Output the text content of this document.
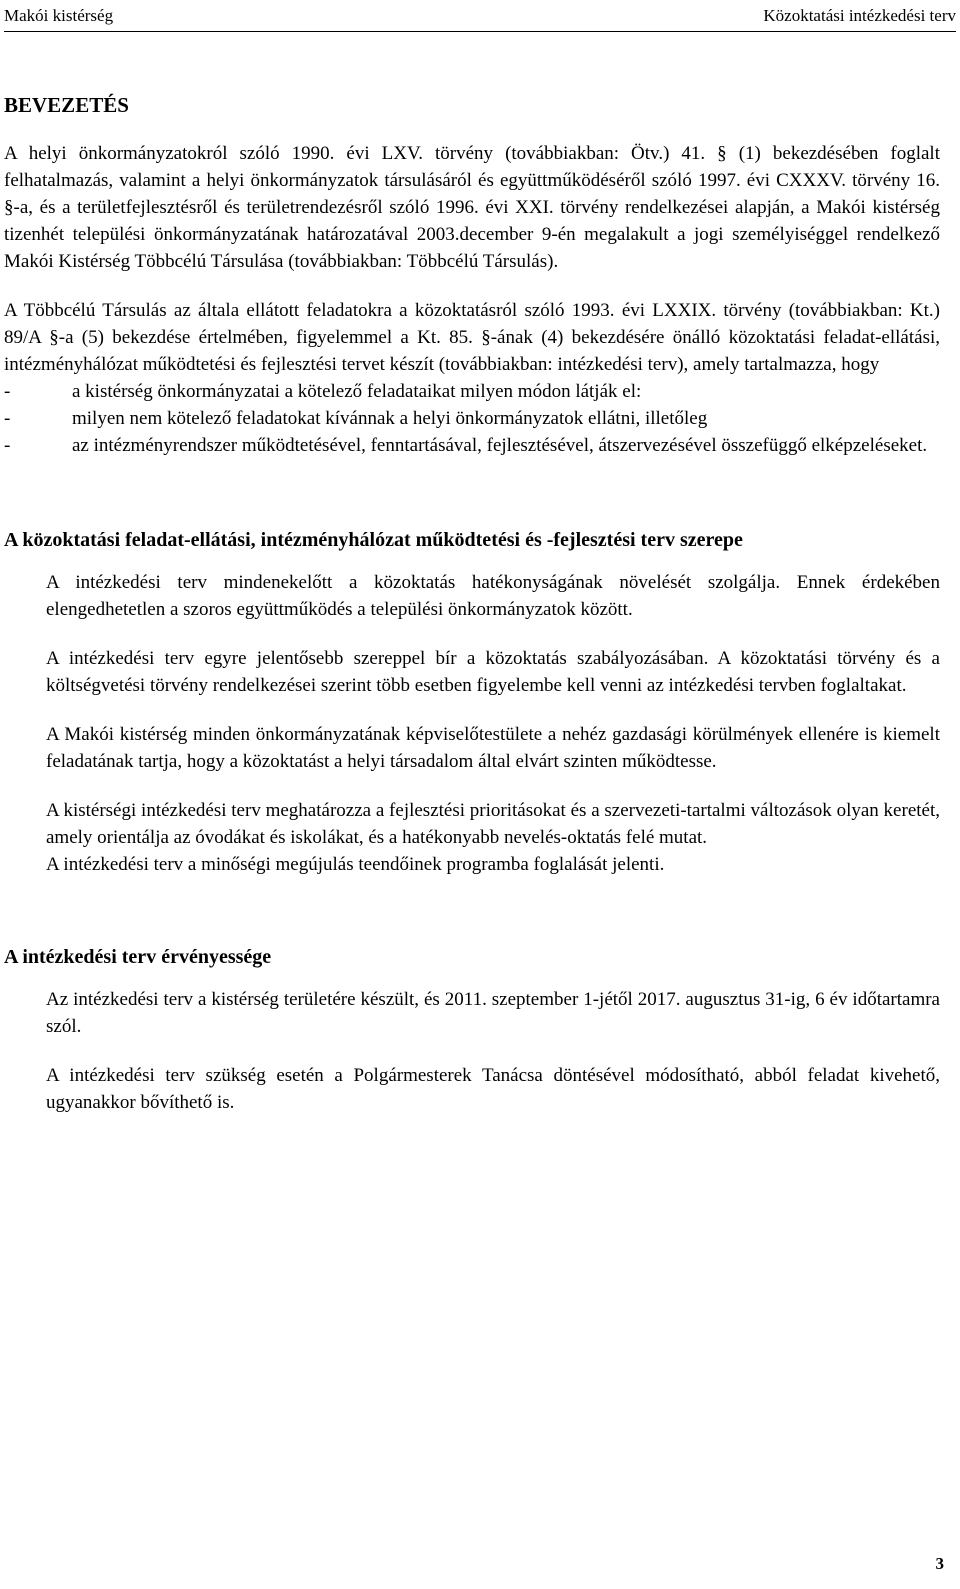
Makói kistérség	Közoktatási intézkedési terv
BEVEZETÉS

A helyi önkormányzatokról szóló 1990. évi LXV. törvény (továbbiakban: Ötv.) 41. § (1) bekezdésében foglalt felhatalmazás, valamint a helyi önkormányzatok társulásáról és együttműködéséről szóló 1997. évi CXXXV. törvény 16. §-a, és a területfejlesztésről és területrendezésről szóló 1996. évi XXI. törvény rendelkezései alapján, a Makói kistérség tizenhét települési önkormányzatának határozatával 2003.december 9-én megalakult a jogi személyiséggel rendelkező Makói Kistérség Többcélú Társulása (továbbiakban: Többcélú Társulás).

A Többcélú Társulás az általa ellátott feladatokra a közoktatásról szóló 1993. évi LXXIX. törvény (továbbiakban: Kt.) 89/A §-a (5) bekezdése értelmében, figyelemmel a Kt. 85. §-ának (4) bekezdésére önálló közoktatási feladat-ellátási, intézményhálózat működtetési és fejlesztési tervet készít (továbbiakban: intézkedési terv), amely tartalmazza, hogy

-	a kistérség önkormányzatai a kötelező feladataikat milyen módon látják el:
-	milyen nem kötelező feladatokat kívánnak a helyi önkormányzatok ellátni, illetőleg
-	az intézményrendszer működtetésével, fenntartásával, fejlesztésével, átszervezésével összefüggő elképzeléseket.
A közoktatási feladat-ellátási, intézményhálózat működtetési és -fejlesztési terv szerepe

A intézkedési terv mindenekelőtt a közoktatás hatékonyságának növelését szolgálja. Ennek érdekében elengedhetetlen a szoros együttműködés a települési önkormányzatok között.

A intézkedési terv egyre jelentősebb szereppel bír a közoktatás szabályozásában. A közoktatási törvény és a költségvetési törvény rendelkezései szerint több esetben figyelembe kell venni az intézkedési tervben foglaltakat.

A Makói kistérség minden önkormányzatának képviselőtestülete a nehéz gazdasági körülmények ellenére is kiemelt feladatának tartja, hogy a közoktatást a helyi társadalom által elvárt szinten működtesse.

A kistérségi intézkedési terv meghatározza a fejlesztési prioritásokat és a szervezeti-tartalmi változások olyan keretét, amely orientálja az óvodákat és iskolákat, és a hatékonyabb nevelés-oktatás felé mutat.

A intézkedési terv a minőségi megújulás teendőinek programba foglalását jelenti.

A intézkedési terv érvényessége

Az intézkedési terv a kistérség területére készült, és 2011. szeptember 1-jétől 2017. augusztus 31-ig, 6 év időtartamra szól.

A intézkedési terv szükség esetén a Polgármesterek Tanácsa döntésével módosítható, abból feladat kivehető, ugyanakkor bővíthető is.

3
